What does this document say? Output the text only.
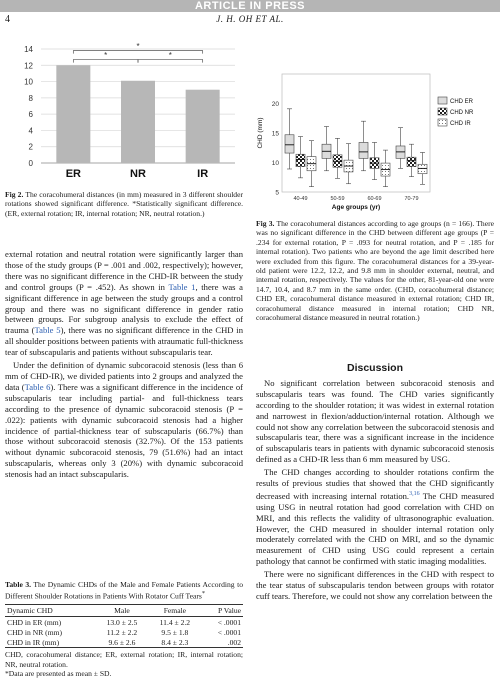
ARTICLE IN PRESS
4	J. H. OH ET AL.
0
2
4
6
8
10
12
14
ER	NR	IR
*	*
*
Fig 2. The coracohumeral distances (in mm) measured in 3 different shoulder rotations showed significant difference. *Statistically significant difference. (ER, external rotation; IR, internal rotation; NR, neutral rotation.)
5
10
15
20
CHD (mm)
Age groups (yr)
40-49	50-59	60-69	70-79
CHD ER
CHD NR
CHD IR
Fig 3. The coracohumeral distances according to age groups (n = 166). There was no significant difference in the CHD between different age groups (P = .234 for external rotation, P = .093 for neutral rotation, and P = .185 for internal rotation). Two patients who are beyond the age limit described here were excluded from this figure. The coracohumeral distances for a 39-year-old patient were 12.2, 12.2, and 9.8 mm in shoulder external, neutral, and internal rotation, respectively. The values for the other, 81-year-old one were 14.7, 10.4, and 8.7 mm in the same order. (CHD, coracohumeral distance; CHD ER, coracohumeral distance measured in external rotation; CHD IR, coracohumeral distance measured in internal rotation; CHD NR, coracohumeral distance measured in neutral rotation.)

external rotation and neutral rotation were significantly larger than those of the study groups (P = .001 and .002, respectively); however, there was no significant difference in the CHD-IR between the study and control groups (P = .452). As shown in Table 1, there was a significant difference in age between the study groups and a control group and there was no significant difference in gender ratio between groups. For subgroup analysis to exclude the effect of trauma (Table 5), there was no significant difference in the CHD in all shoulder positions between patients with atraumatic full-thickness tear of subscapularis and patients without subscapularis tear.

Under the definition of dynamic subcoracoid stenosis (less than 6 mm of CHD-IR), we divided patients into 2 groups and analyzed the data (Table 6). There was a significant difference in the incidence of subscapularis tear including partial- and full-thickness tears according to the presence of dynamic subcoracoid stenosis (P = .022): patients with dynamic subcoracoid stenosis had a higher incidence of partial-thickness tear of subscapularis (66.7%) than those without subcoracoid stenosis (32.7%). Of the 153 patients without dynamic subcoracoid stenosis, 79 (51.6%) had an intact subscapularis, whereas only 3 (20%) with dynamic subcoracoid stenosis had an intact subscapularis.

Table 3. The Dynamic CHDs of the Male and Female Patients According to Different Shoulder Rotations in Patients With Rotator Cuff Tears*
Dynamic CHD	Male	Female	P Value
CHD in ER (mm)	13.0 ± 2.5	11.4 ± 2.2	< .0001
CHD in NR (mm)	11.2 ± 2.2	9.5 ± 1.8	< .0001
CHD in IR (mm)	9.6 ± 2.6	8.4 ± 2.3	.002
CHD, coracohumeral distance; ER, external rotation; IR, internal rotation; NR, neutral rotation.
*Data are presented as mean ± SD.
Discussion

No significant correlation between subcoracoid stenosis and subscapularis tears was found. The CHD varies significantly according to the shoulder rotation; it was widest in external rotation and narrowest in flexion/adduction/internal rotation. Although we could not show any correlation between the subcoracoid stenosis and subscapularis tear, there was a significant increase in the incidence of subscapularis tears in patients with dynamic subcoracoid stenosis defined as a CHD-IR less than 6 mm measured by USG.

The CHD changes according to shoulder rotations confirm the results of previous studies that showed that the CHD significantly decreased with increasing internal rotation.$^{3,16}$ The CHD measured using USG in neutral rotation had good correlation with CHD on MRI, and this reflects the validity of ultrasonographic evaluation. However, the CHD measured in shoulder internal rotation only moderately correlated with the CHD on MRI, and so the dynamic measurement of CHD using USG could represent a certain pathology that cannot be confirmed with static imaging modalities.

There were no significant differences in the CHD with respect to the tear status of subscapularis tendon between groups with rotator cuff tears. Therefore, we could not show any correlation between the
